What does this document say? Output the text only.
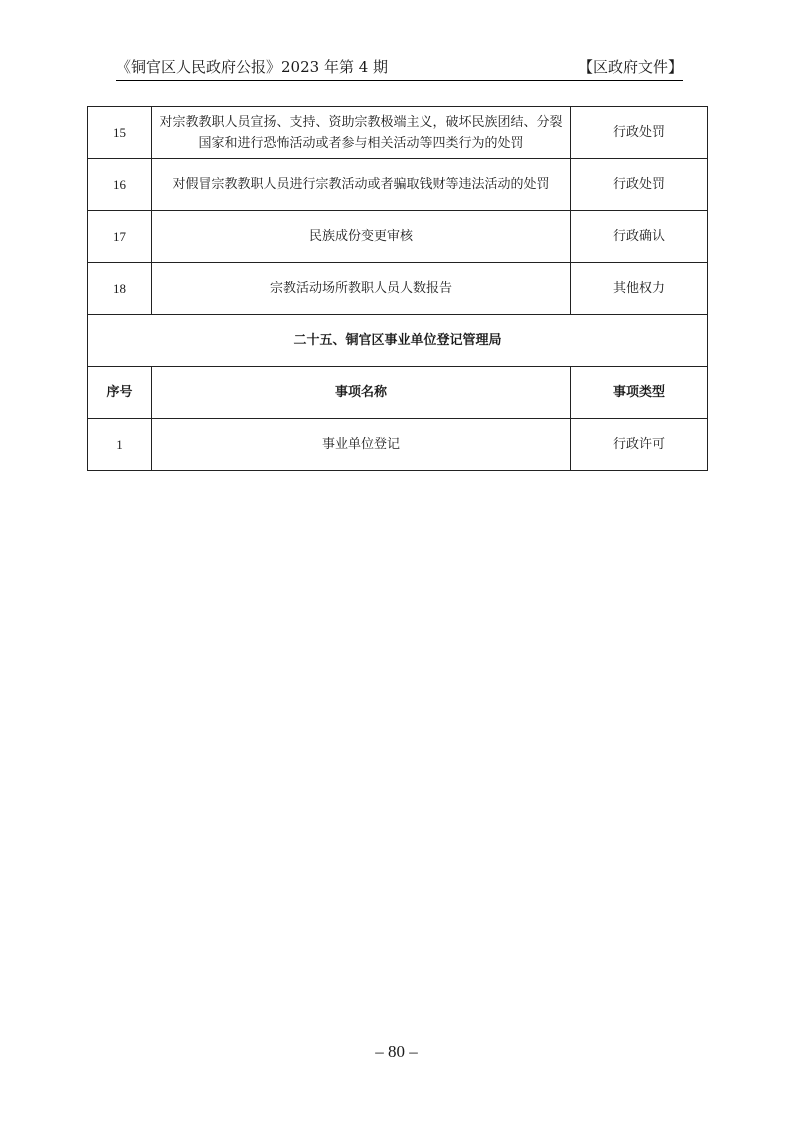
《铜官区人民政府公报》2023 年第 4 期	【区政府文件】
15	对宗教教职人员宣扬、支持、资助宗教极端主义，破坏民族团结、分裂国家和进行恐怖活动或者参与相关活动等四类行为的处罚	行政处罚
16	对假冒宗教教职人员进行宗教活动或者骗取钱财等违法活动的处罚	行政处罚
17	民族成份变更审核	行政确认
18	宗教活动场所教职人员人数报告	其他权力
二十五、铜官区事业单位登记管理局		
序号	事项名称	事项类型
1	事业单位登记	行政许可
– 80 –
